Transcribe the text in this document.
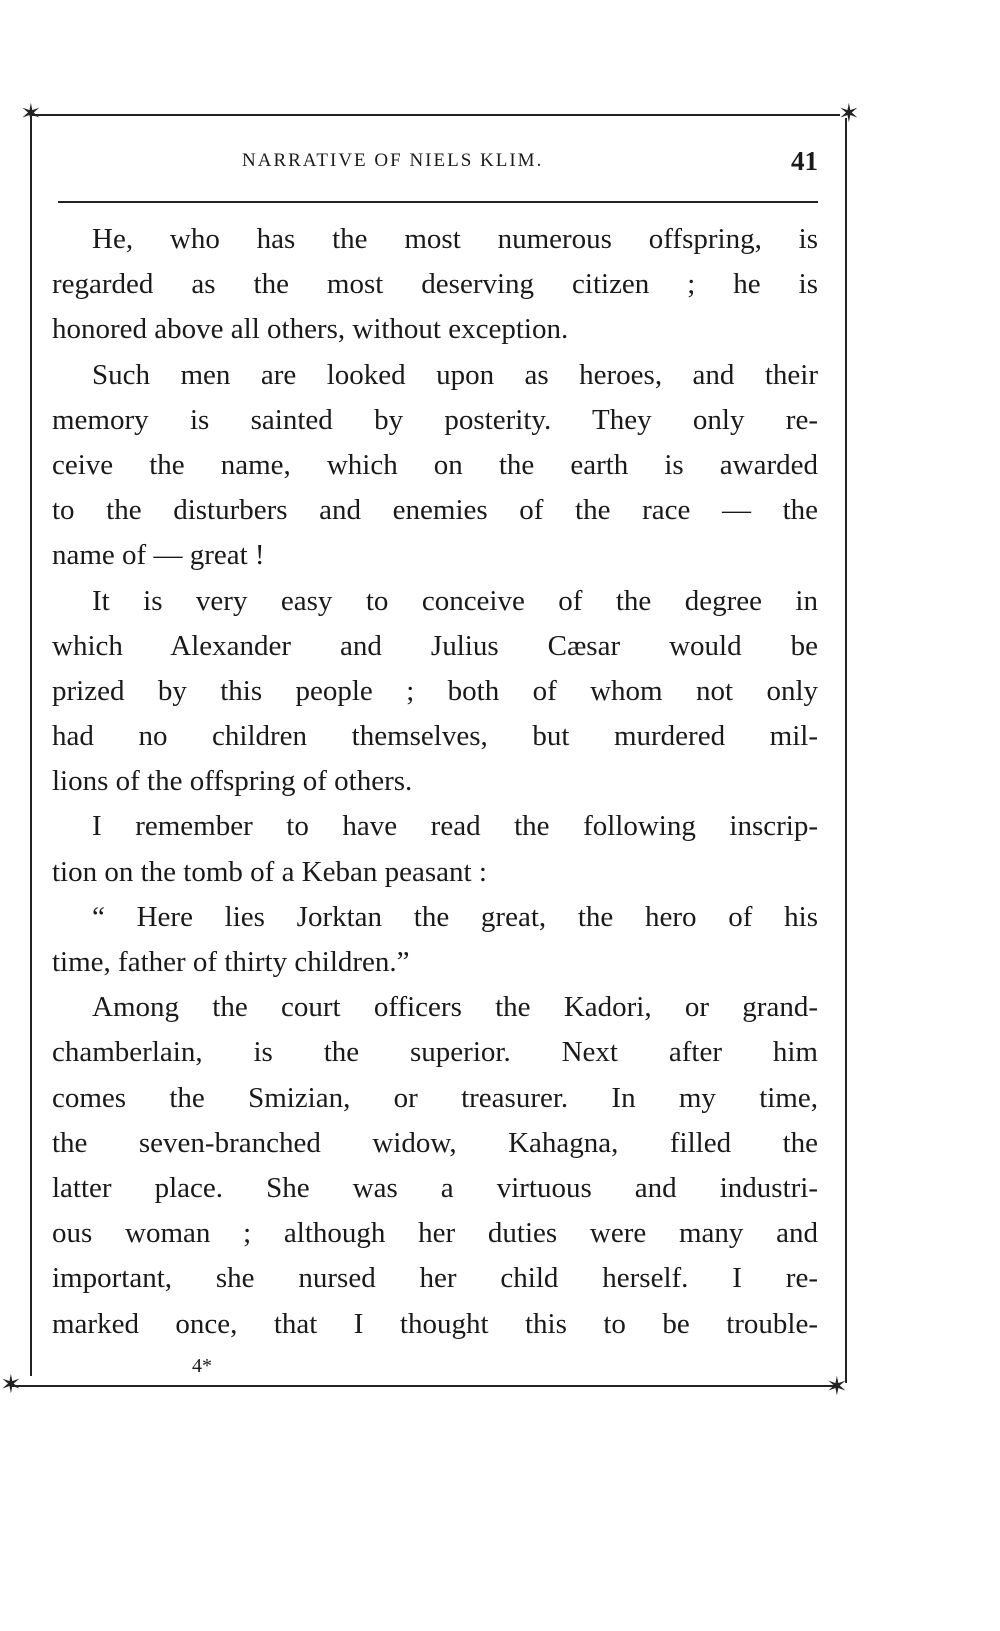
✶	✶
✶	✶
NARRATIVE OF NIELS KLIM.	41
He, who has the most numerous offspring, is
regarded as the most deserving citizen ; he is
honored above all others, without exception.
Such men are looked upon as heroes, and their
memory is sainted by posterity. They only re-
ceive the name, which on the earth is awarded
to the disturbers and enemies of the race — the
name of — great !
It is very easy to conceive of the degree in
which Alexander and Julius Cæsar would be
prized by this people ; both of whom not only
had no children themselves, but murdered mil-
lions of the offspring of others.
I remember to have read the following inscrip-
tion on the tomb of a Keban peasant :
“ Here lies Jorktan the great, the hero of his
time, father of thirty children.”
Among the court officers the Kadori, or grand-
chamberlain, is the superior. Next after him
comes the Smizian, or treasurer. In my time,
the seven-branched widow, Kahagna, filled the
latter place. She was a virtuous and industri-
ous woman ; although her duties were many and
important, she nursed her child herself. I re-
marked once, that I thought this to be trouble-
4*
